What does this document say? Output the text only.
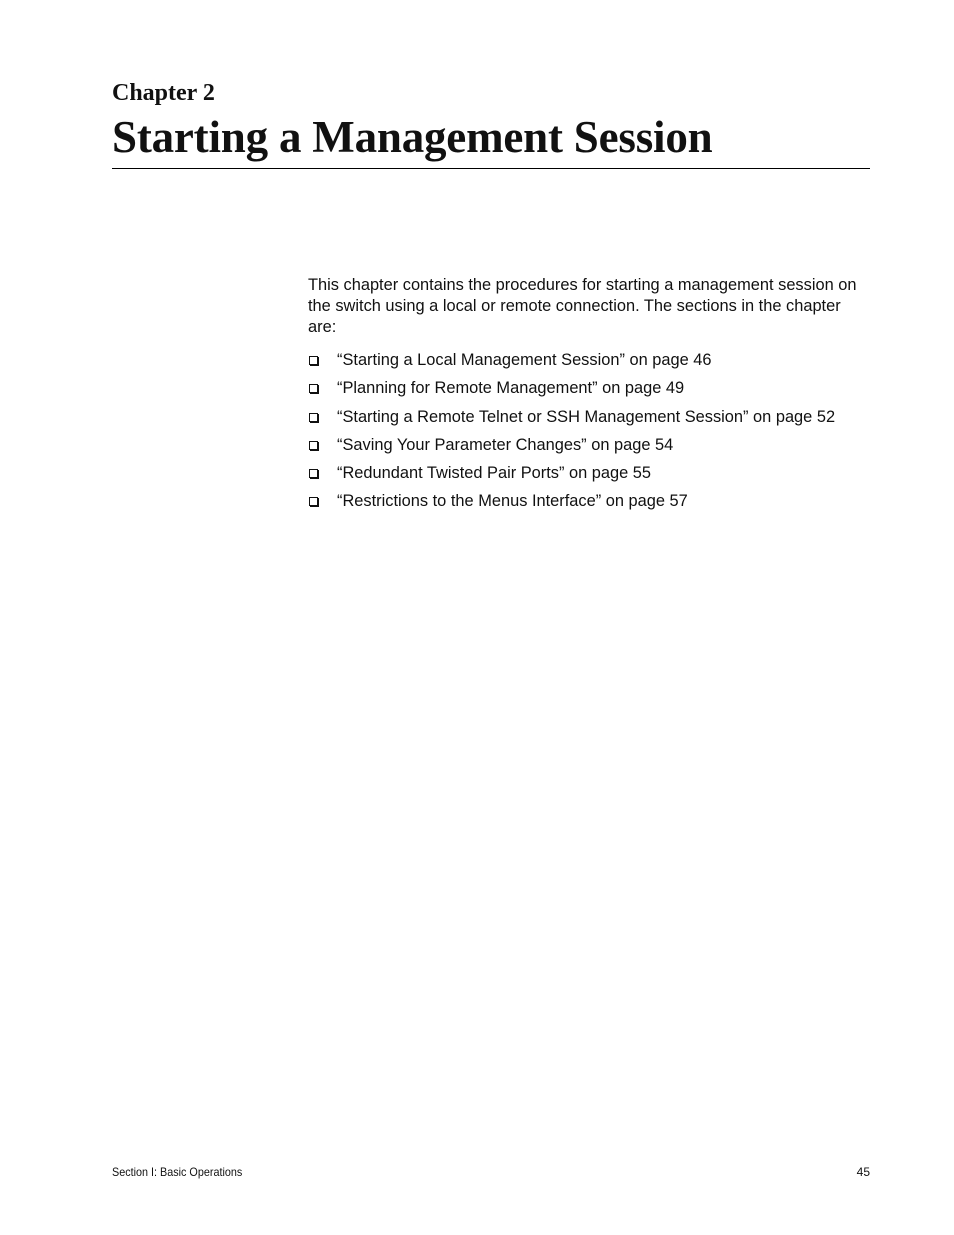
Chapter 2
Starting a Management Session

This chapter contains the procedures for starting a management session on the switch using a local or remote connection. The sections in the chapter are:

“Starting a Local Management Session” on page 46
“Planning for Remote Management” on page 49
“Starting a Remote Telnet or SSH Management Session” on page 52
“Saving Your Parameter Changes” on page 54
“Redundant Twisted Pair Ports” on page 55
“Restrictions to the Menus Interface” on page 57
Section I: Basic Operations	45
